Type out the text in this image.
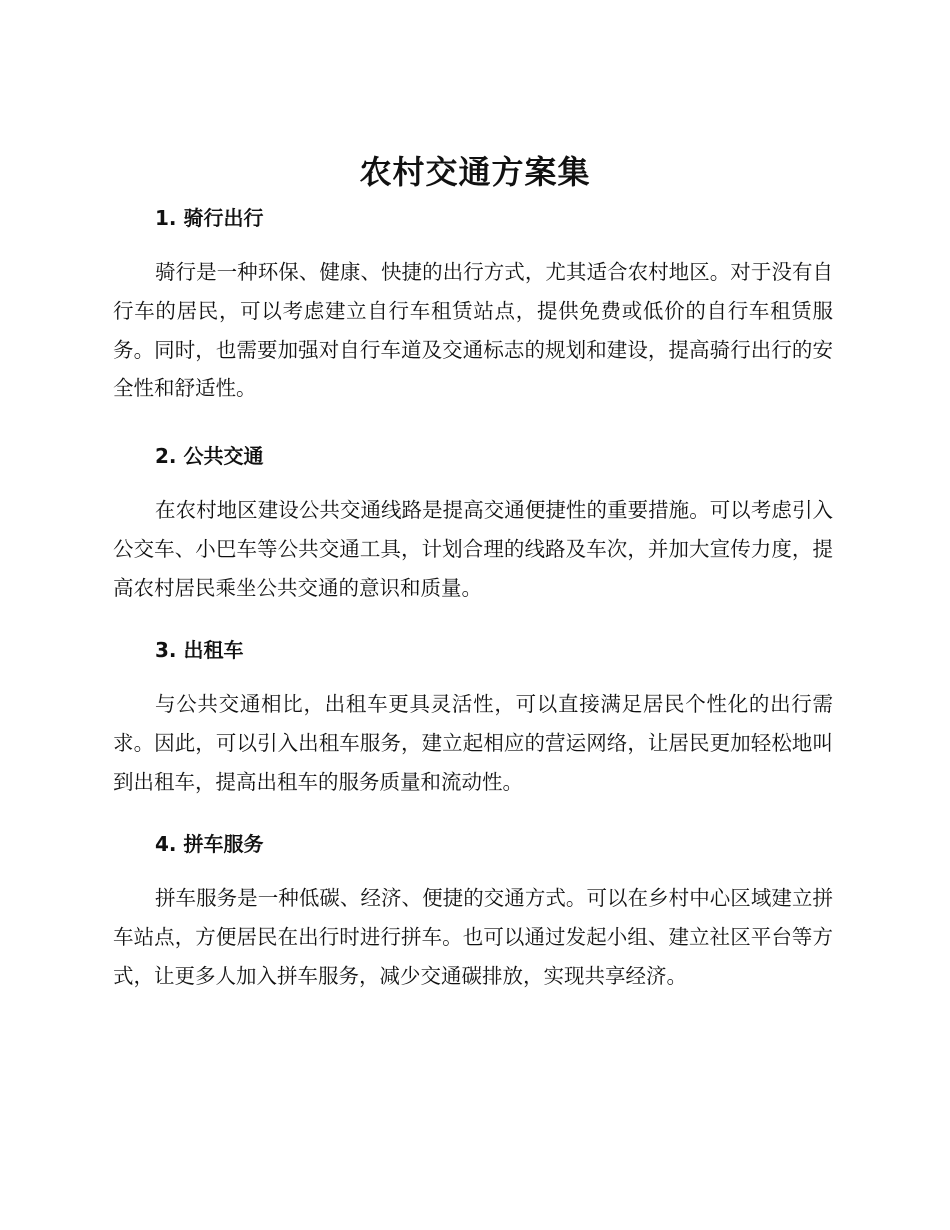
农村交通方案集
1. 骑行出行

骑行是一种环保、健康、快捷的出行方式，尤其适合农村地区。对于没有自行车的居民，可以考虑建立自行车租赁站点，提供免费或低价的自行车租赁服务。同时，也需要加强对自行车道及交通标志的规划和建设，提高骑行出行的安全性和舒适性。

2. 公共交通

在农村地区建设公共交通线路是提高交通便捷性的重要措施。可以考虑引入公交车、小巴车等公共交通工具，计划合理的线路及车次，并加大宣传力度，提高农村居民乘坐公共交通的意识和质量。

3. 出租车

与公共交通相比，出租车更具灵活性，可以直接满足居民个性化的出行需求。因此，可以引入出租车服务，建立起相应的营运网络，让居民更加轻松地叫到出租车，提高出租车的服务质量和流动性。

4. 拼车服务

拼车服务是一种低碳、经济、便捷的交通方式。可以在乡村中心区域建立拼车站点，方便居民在出行时进行拼车。也可以通过发起小组、建立社区平台等方式，让更多人加入拼车服务，减少交通碳排放，实现共享经济。
